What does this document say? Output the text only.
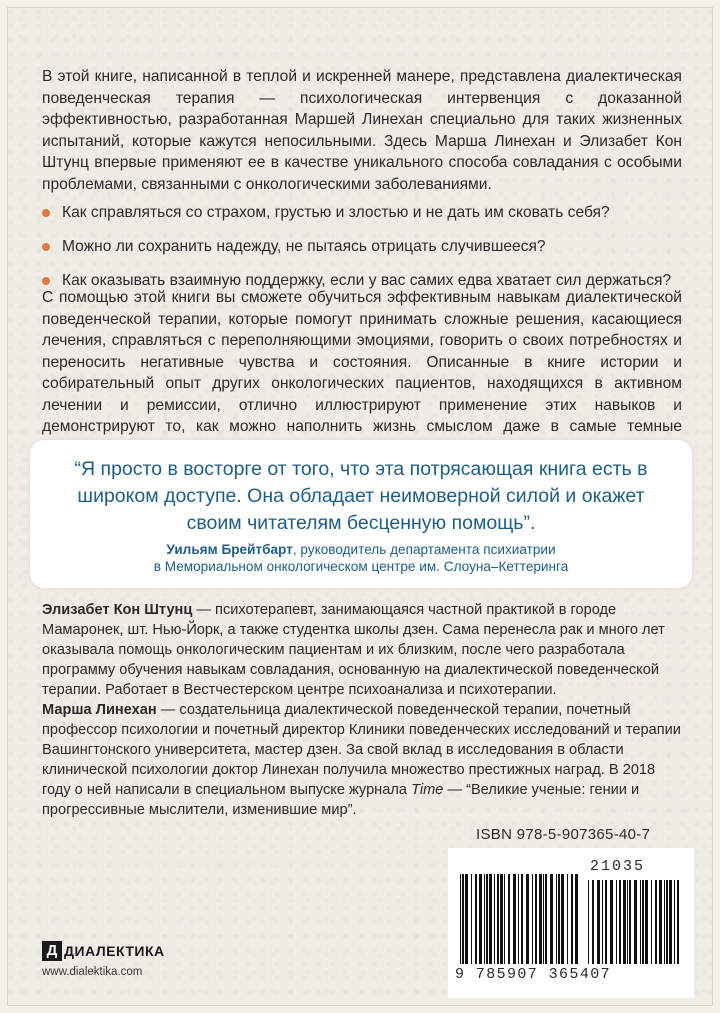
В этой книге, написанной в теплой и искренней манере, представлена диалектическая поведенческая терапия — психологическая интервенция с доказанной эффективностью, разработанная Маршей Линехан специально для таких жизненных испытаний, которые кажутся непосильными. Здесь Марша Линехан и Элизабет Кон Штунц впервые применяют ее в качестве уникального способа совладания с особыми проблемами, связанными с онкологическими заболеваниями.

Как справляться со страхом, грустью и злостью и не дать им сковать себя?
Можно ли сохранить надежду, не пытаясь отрицать случившееся?
Как оказывать взаимную поддержку, если у вас самих едва хватает сил держаться?

С помощью этой книги вы сможете обучиться эффективным навыкам диалектической поведенческой терапии, которые помогут принимать сложные решения, касающиеся лечения, справляться с переполняющими эмоциями, говорить о своих потребностях и переносить негативные чувства и состояния. Описанные в книге истории и собирательный опыт других онкологических пациентов, находящихся в активном лечении и ремиссии, отлично иллюстрируют применение этих навыков и демонстрируют то, как можно наполнить жизнь смыслом даже в самые темные

“Я просто в восторге от того, что эта потрясающая книга есть в широком доступе. Она обладает неимоверной силой и окажет своим читателям бесценную помощь”.
Уильям Брейтбарт, руководитель департамента психиатрии
в Мемориальном онкологическом центре им. Слоуна–Кеттеринга

Элизабет Кон Штунц — психотерапевт, занимающаяся частной практикой в городе Мамаронек, шт. Нью-Йорк, а также студентка школы дзен. Сама перенесла рак и много лет оказывала помощь онкологическим пациентам и их близким, после чего разработала программу обучения навыкам совладания, основанную на диалектической поведенческой терапии. Работает в Вестчестерском центре психоанализа и психотерапии.

Марша Линехан — создательница диалектической поведенческой терапии, почетный профессор психологии и почетный директор Клиники поведенческих исследований и терапии Вашингтонского университета, мастер дзен. За свой вклад в исследования в области клинической психологии доктор Линехан получила множество престижных наград. В 2018 году о ней написали в специальном выпуске журнала Time — “Великие ученые: гении и прогрессивные мыслители, изменившие мир”.

ISBN 978-5-907365-40-7
21035
9 785907 365407
Д ДИАЛЕКТИКА
www.dialektika.com
